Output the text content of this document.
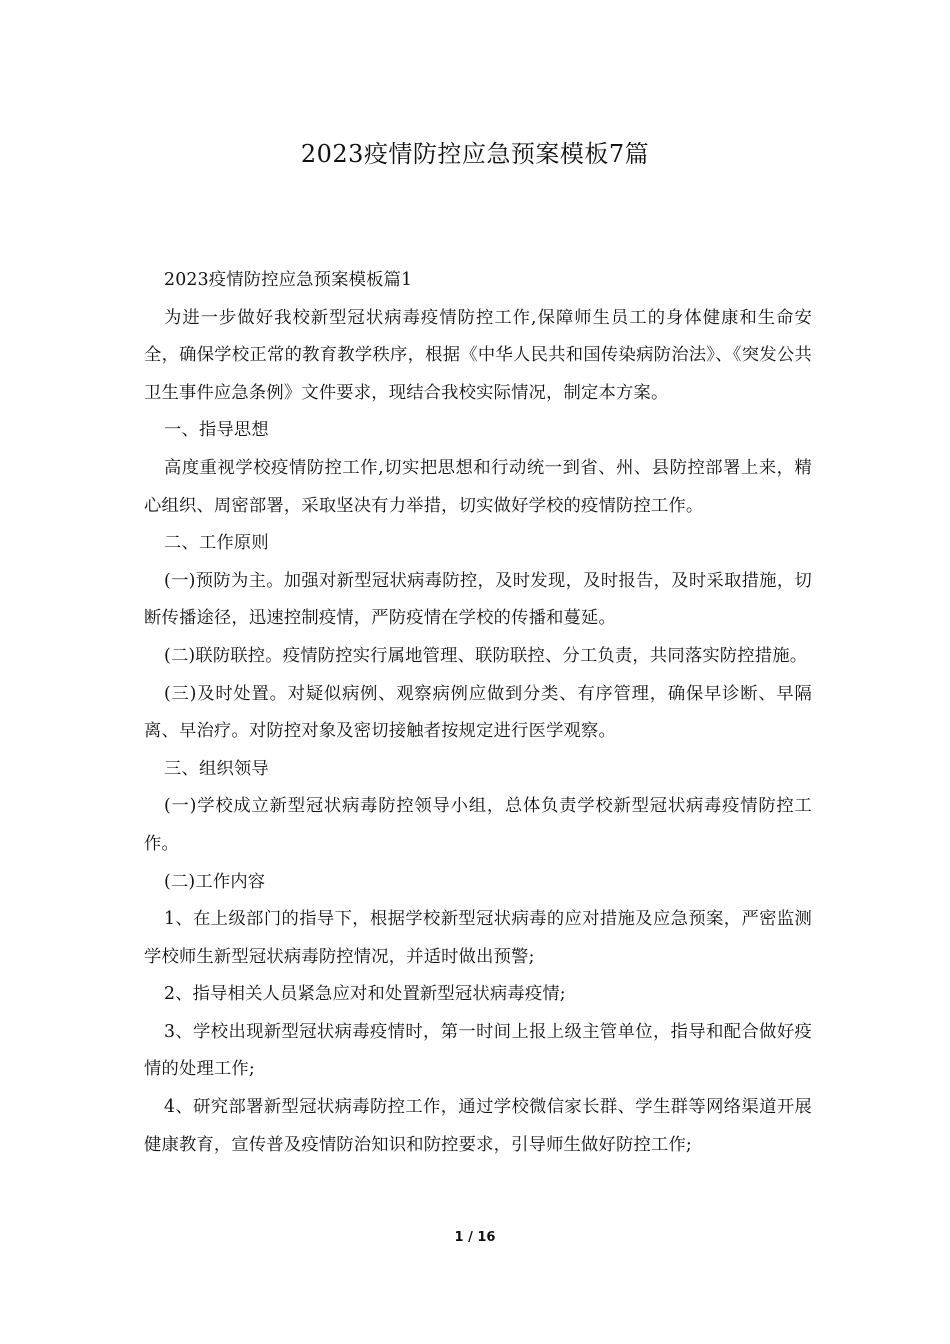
2023疫情防控应急预案模板7篇

2023疫情防控应急预案模板篇1

为进一步做好我校新型冠状病毒疫情防控工作,保障师生员工的身体健康和生命安全，确保学校正常的教育教学秩序，根据《中华人民共和国传染病防治法》、《突发公共卫生事件应急条例》文件要求，现结合我校实际情况，制定本方案。

一、指导思想

高度重视学校疫情防控工作,切实把思想和行动统一到省、州、县防控部署上来，精心组织、周密部署，采取坚决有力举措，切实做好学校的疫情防控工作。

二、工作原则

(一)预防为主。加强对新型冠状病毒防控，及时发现，及时报告，及时采取措施，切断传播途径，迅速控制疫情，严防疫情在学校的传播和蔓延。

(二)联防联控。疫情防控实行属地管理、联防联控、分工负责，共同落实防控措施。

(三)及时处置。对疑似病例、观察病例应做到分类、有序管理，确保早诊断、早隔离、早治疗。对防控对象及密切接触者按规定进行医学观察。

三、组织领导

(一)学校成立新型冠状病毒防控领导小组，总体负责学校新型冠状病毒疫情防控工作。

(二)工作内容

1、在上级部门的指导下，根据学校新型冠状病毒的应对措施及应急预案，严密监测学校师生新型冠状病毒防控情况，并适时做出预警;

2、指导相关人员紧急应对和处置新型冠状病毒疫情;

3、学校出现新型冠状病毒疫情时，第一时间上报上级主管单位，指导和配合做好疫情的处理工作;

4、研究部署新型冠状病毒防控工作，通过学校微信家长群、学生群等网络渠道开展健康教育，宣传普及疫情防治知识和防控要求，引导师生做好防控工作;

1 / 16
